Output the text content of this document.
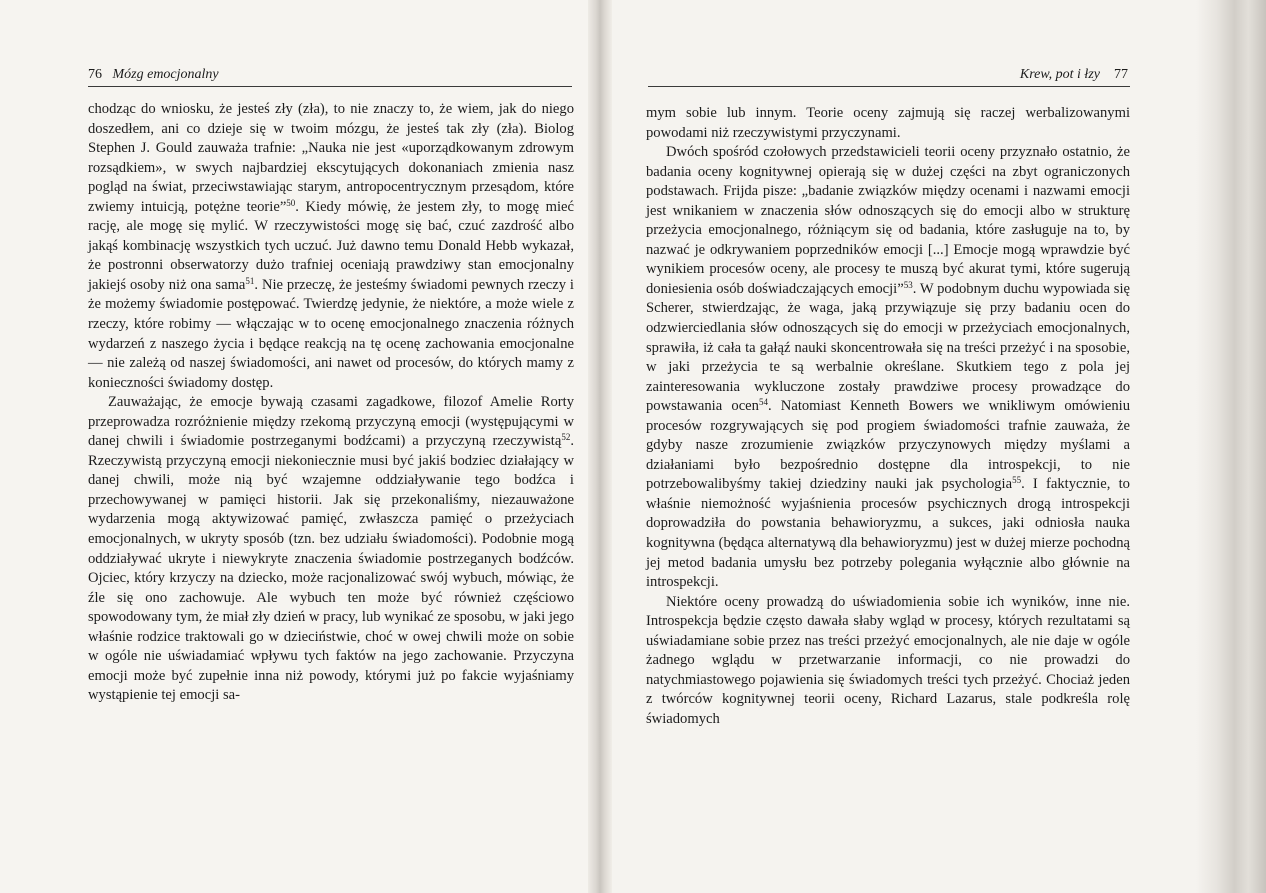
76 Mózg emocjonalny	Krew, pot i łzy 77

chodząc do wniosku, że jesteś zły (zła), to nie znaczy to, że wiem, jak do niego doszedłem, ani co dzieje się w twoim mózgu, że jesteś tak zły (zła). Biolog Stephen J. Gould zauważa trafnie: „Nauka nie jest «uporządkowanym zdrowym rozsądkiem», w swych najbardziej ekscytujących dokonaniach zmienia nasz pogląd na świat, przeciwstawiając starym, antropocentrycznym przesądom, które zwiemy intuicją, potężne teorie”$^{50}$. Kiedy mówię, że jestem zły, to mogę mieć rację, ale mogę się mylić. W rzeczywistości mogę się bać, czuć zazdrość albo jakąś kombinację wszystkich tych uczuć. Już dawno temu Donald Hebb wykazał, że postronni obserwatorzy dużo trafniej oceniają prawdziwy stan emocjonalny jakiejś osoby niż ona sama$^{51}$. Nie przeczę, że jesteśmy świadomi pewnych rzeczy i że możemy świadomie postępować. Twierdzę jedynie, że niektóre, a może wiele z rzeczy, które robimy — włączając w to ocenę emocjonalnego znaczenia różnych wydarzeń z naszego życia i będące reakcją na tę ocenę zachowania emocjonalne — nie zależą od naszej świadomości, ani nawet od procesów, do których mamy z konieczności świadomy dostęp.

Zauważając, że emocje bywają czasami zagadkowe, filozof Amelie Rorty przeprowadza rozróżnienie między rzekomą przyczyną emocji (występującymi w danej chwili i świadomie postrzeganymi bodźcami) a przyczyną rzeczywistą$^{52}$. Rzeczywistą przyczyną emocji niekoniecznie musi być jakiś bodziec działający w danej chwili, może nią być wzajemne oddziaływanie tego bodźca i przechowywanej w pamięci historii. Jak się przekonaliśmy, niezauważone wydarzenia mogą aktywizować pamięć, zwłaszcza pamięć o przeżyciach emocjonalnych, w ukryty sposób (tzn. bez udziału świadomości). Podobnie mogą oddziaływać ukryte i niewykryte znaczenia świadomie postrzeganych bodźców. Ojciec, który krzyczy na dziecko, może racjonalizować swój wybuch, mówiąc, że źle się ono zachowuje. Ale wybuch ten może być również częściowo spowodowany tym, że miał zły dzień w pracy, lub wynikać ze sposobu, w jaki jego właśnie rodzice traktowali go w dzieciństwie, choć w owej chwili może on sobie w ogóle nie uświadamiać wpływu tych faktów na jego zachowanie. Przyczyna emocji może być zupełnie inna niż powody, którymi już po fakcie wyjaśniamy wystąpienie tej emocji sa-

mym sobie lub innym. Teorie oceny zajmują się raczej werbalizowanymi powodami niż rzeczywistymi przyczynami.

Dwóch spośród czołowych przedstawicieli teorii oceny przyznało ostatnio, że badania oceny kognitywnej opierają się w dużej części na zbyt ograniczonych podstawach. Frijda pisze: „badanie związków między ocenami i nazwami emocji jest wnikaniem w znaczenia słów odnoszących się do emocji albo w strukturę przeżycia emocjonalnego, różniącym się od badania, które zasługuje na to, by nazwać je odkrywaniem poprzedników emocji [...] Emocje mogą wprawdzie być wynikiem procesów oceny, ale procesy te muszą być akurat tymi, które sugerują doniesienia osób doświadczających emocji”$^{53}$. W podobnym duchu wypowiada się Scherer, stwierdzając, że waga, jaką przywiązuje się przy badaniu ocen do odzwierciedlania słów odnoszących się do emocji w przeżyciach emocjonalnych, sprawiła, iż cała ta gałąź nauki skoncentrowała się na treści przeżyć i na sposobie, w jaki przeżycia te są werbalnie określane. Skutkiem tego z pola jej zainteresowania wykluczone zostały prawdziwe procesy prowadzące do powstawania ocen$^{54}$. Natomiast Kenneth Bowers we wnikliwym omówieniu procesów rozgrywających się pod progiem świadomości trafnie zauważa, że gdyby nasze zrozumienie związków przyczynowych między myślami a działaniami było bezpośrednio dostępne dla introspekcji, to nie potrzebowalibyśmy takiej dziedziny nauki jak psychologia$^{55}$. I faktycznie, to właśnie niemożność wyjaśnienia procesów psychicznych drogą introspekcji doprowadziła do powstania behawioryzmu, a sukces, jaki odniosła nauka kognitywna (będąca alternatywą dla behawioryzmu) jest w dużej mierze pochodną jej metod badania umysłu bez potrzeby polegania wyłącznie albo głównie na introspekcji.

Niektóre oceny prowadzą do uświadomienia sobie ich wyników, inne nie. Introspekcja będzie często dawała słaby wgląd w procesy, których rezultatami są uświadamiane sobie przez nas treści przeżyć emocjonalnych, ale nie daje w ogóle żadnego wglądu w przetwarzanie informacji, co nie prowadzi do natychmiastowego pojawienia się świadomych treści tych przeżyć. Chociaż jeden z twórców kognitywnej teorii oceny, Richard Lazarus, stale podkreśla rolę świadomych
